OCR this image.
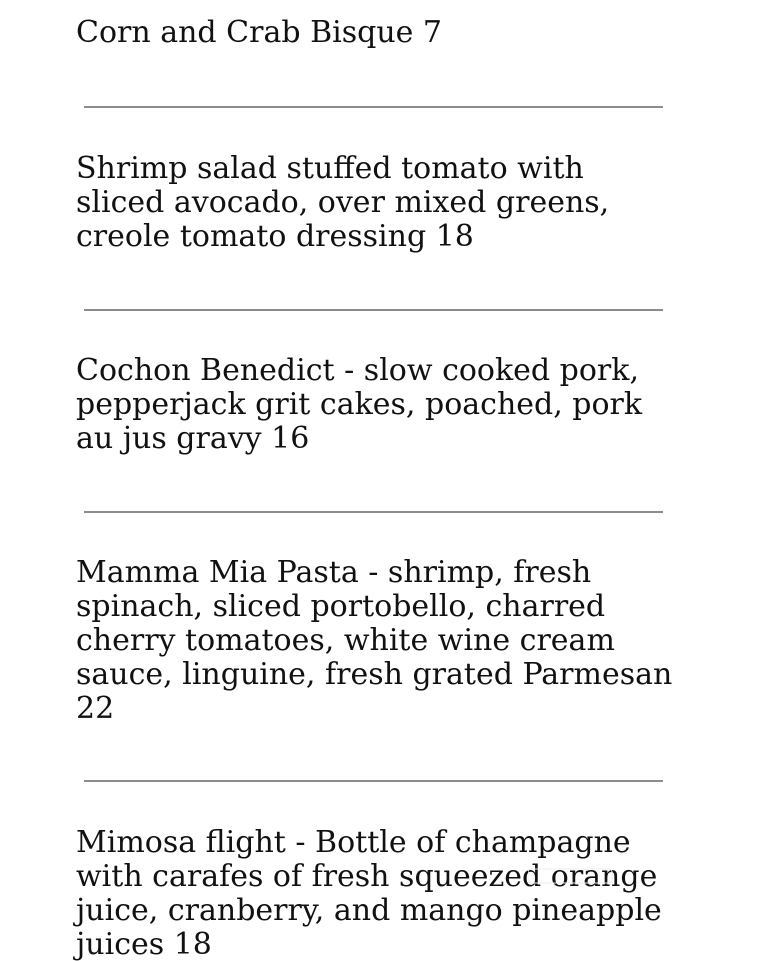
Corn and Crab Bisque 7

Shrimp salad stuffed tomato with
sliced avocado, over mixed greens,
creole tomato dressing 18

Cochon Benedict - slow cooked pork,
pepperjack grit cakes, poached, pork
au jus gravy 16

Mamma Mia Pasta - shrimp, fresh
spinach, sliced portobello, charred
cherry tomatoes, white wine cream
sauce, linguine, fresh grated Parmesan
22

Mimosa flight - Bottle of champagne
with carafes of fresh squeezed orange
juice, cranberry, and mango pineapple
juices 18
